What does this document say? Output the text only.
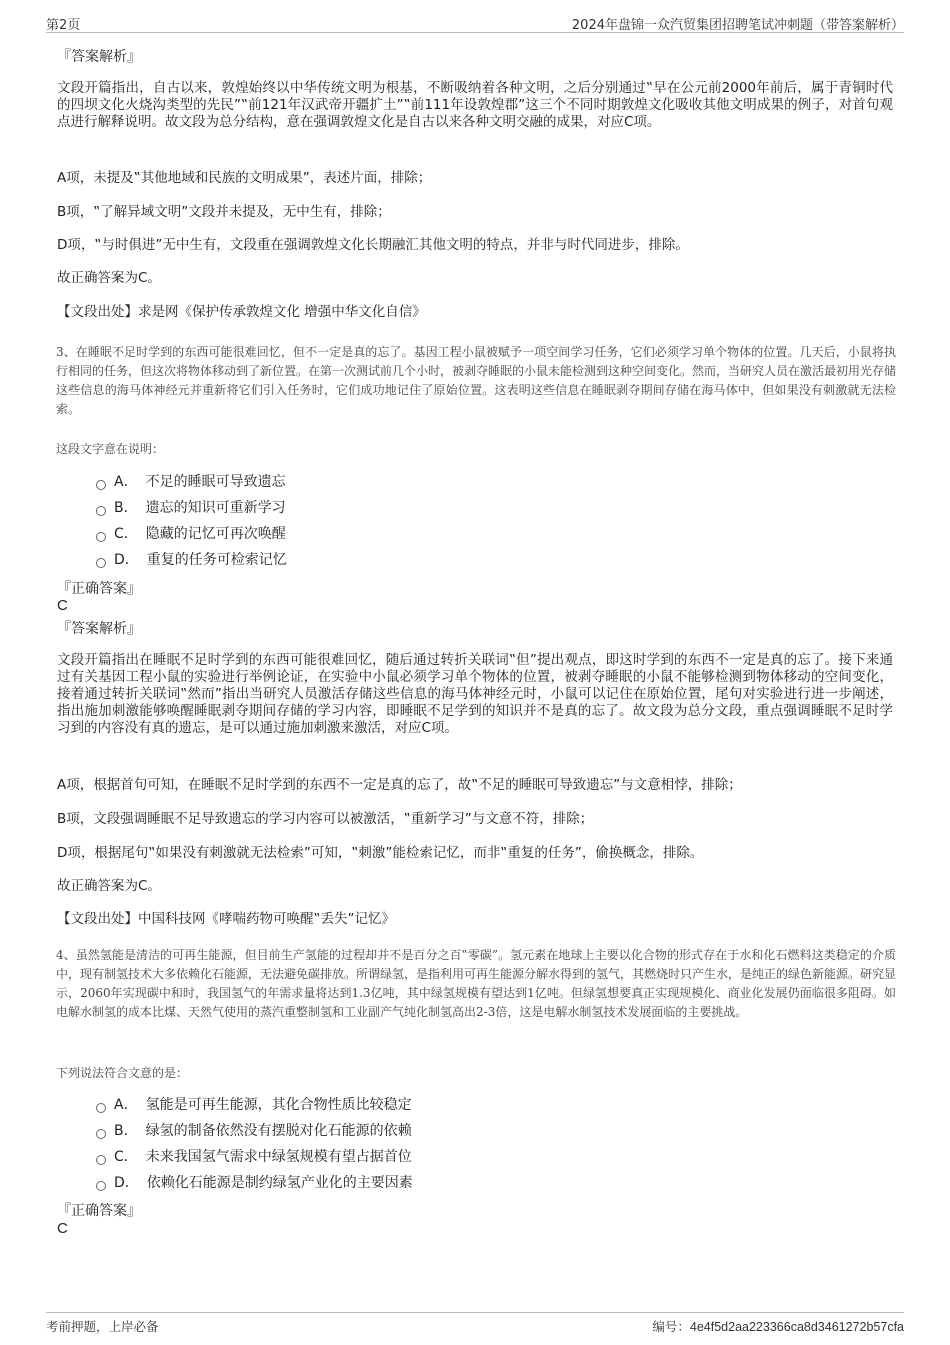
第2页	2024年盘锦一众汽贸集团招聘笔试冲刺题（带答案解析）
『答案解析』
文段开篇指出，自古以来，敦煌始终以中华传统文明为根基，不断吸纳着各种文明，之后分别通过‟早在公元前2000年前后，属于青铜时代的四坝文化火烧沟类型的先民”‟前121年汉武帝开疆扩土”‟前111年设敦煌郡”这三个不同时期敦煌文化吸收其他文明成果的例子，对首句观点进行解释说明。故文段为总分结构，意在强调敦煌文化是自古以来各种文明交融的成果，对应C项。
A项，未提及‟其他地域和民族的文明成果”，表述片面，排除；
B项，‟了解异域文明”文段并未提及，无中生有，排除；
D项，‟与时俱进”无中生有，文段重在强调敦煌文化长期融汇其他文明的特点，并非与时代同进步，排除。
故正确答案为C。
【文段出处】求是网《保护传承敦煌文化 增强中华文化自信》
3、在睡眠不足时学到的东西可能很难回忆，但不一定是真的忘了。基因工程小鼠被赋予一项空间学习任务，它们必须学习单个物体的位置。几天后，小鼠将执行相同的任务，但这次将物体移动到了新位置。在第一次测试前几个小时，被剥夺睡眠的小鼠未能检测到这种空间变化。然而，当研究人员在激活最初用光存储这些信息的海马体神经元并重新将它们引入任务时，它们成功地记住了原始位置。这表明这些信息在睡眠剥夺期间存储在海马体中，但如果没有刺激就无法检索。
这段文字意在说明：
A． 不足的睡眠可导致遗忘
B． 遗忘的知识可重新学习
C． 隐藏的记忆可再次唤醒
D． 重复的任务可检索记忆
『正确答案』
C
『答案解析』
文段开篇指出在睡眠不足时学到的东西可能很难回忆，随后通过转折关联词‟但”提出观点，即这时学到的东西不一定是真的忘了。接下来通过有关基因工程小鼠的实验进行举例论证，在实验中小鼠必须学习单个物体的位置，被剥夺睡眠的小鼠不能够检测到物体移动的空间变化，接着通过转折关联词‟然而”指出当研究人员激活存储这些信息的海马体神经元时，小鼠可以记住在原始位置，尾句对实验进行进一步阐述，指出施加刺激能够唤醒睡眠剥夺期间存储的学习内容，即睡眠不足学到的知识并不是真的忘了。故文段为总分文段，重点强调睡眠不足时学习到的内容没有真的遗忘，是可以通过施加刺激来激活，对应C项。
A项，根据首句可知，在睡眠不足时学到的东西不一定是真的忘了，故‟不足的睡眠可导致遗忘”与文意相悖，排除；
B项，文段强调睡眠不足导致遗忘的学习内容可以被激活，‟重新学习”与文意不符，排除；
D项，根据尾句‟如果没有刺激就无法检索”可知，‟刺激”能检索记忆，而非‟重复的任务”，偷换概念，排除。
故正确答案为C。
【文段出处】中国科技网《哮喘药物可唤醒‟丢失”记忆》
4、虽然氢能是清洁的可再生能源，但目前生产氢能的过程却并不是百分之百‟零碳”。氢元素在地球上主要以化合物的形式存在于水和化石燃料这类稳定的介质中，现有制氢技术大多依赖化石能源，无法避免碳排放。所谓绿氢，是指利用可再生能源分解水得到的氢气，其燃烧时只产生水，是纯正的绿色新能源。研究显示，2060年实现碳中和时，我国氢气的年需求量将达到1.3亿吨，其中绿氢规模有望达到1亿吨。但绿氢想要真正实现规模化、商业化发展仍面临很多阻碍。如电解水制氢的成本比煤、天然气使用的蒸汽重整制氢和工业副产气纯化制氢高出2-3倍，这是电解水制氢技术发展面临的主要挑战。
下列说法符合文意的是：
A． 氢能是可再生能源，其化合物性质比较稳定
B． 绿氢的制备依然没有摆脱对化石能源的依赖
C． 未来我国氢气需求中绿氢规模有望占据首位
D． 依赖化石能源是制约绿氢产业化的主要因素
『正确答案』
C
考前押题，上岸必备	编号：4e4f5d2aa223366ca8d3461272b57cfa
